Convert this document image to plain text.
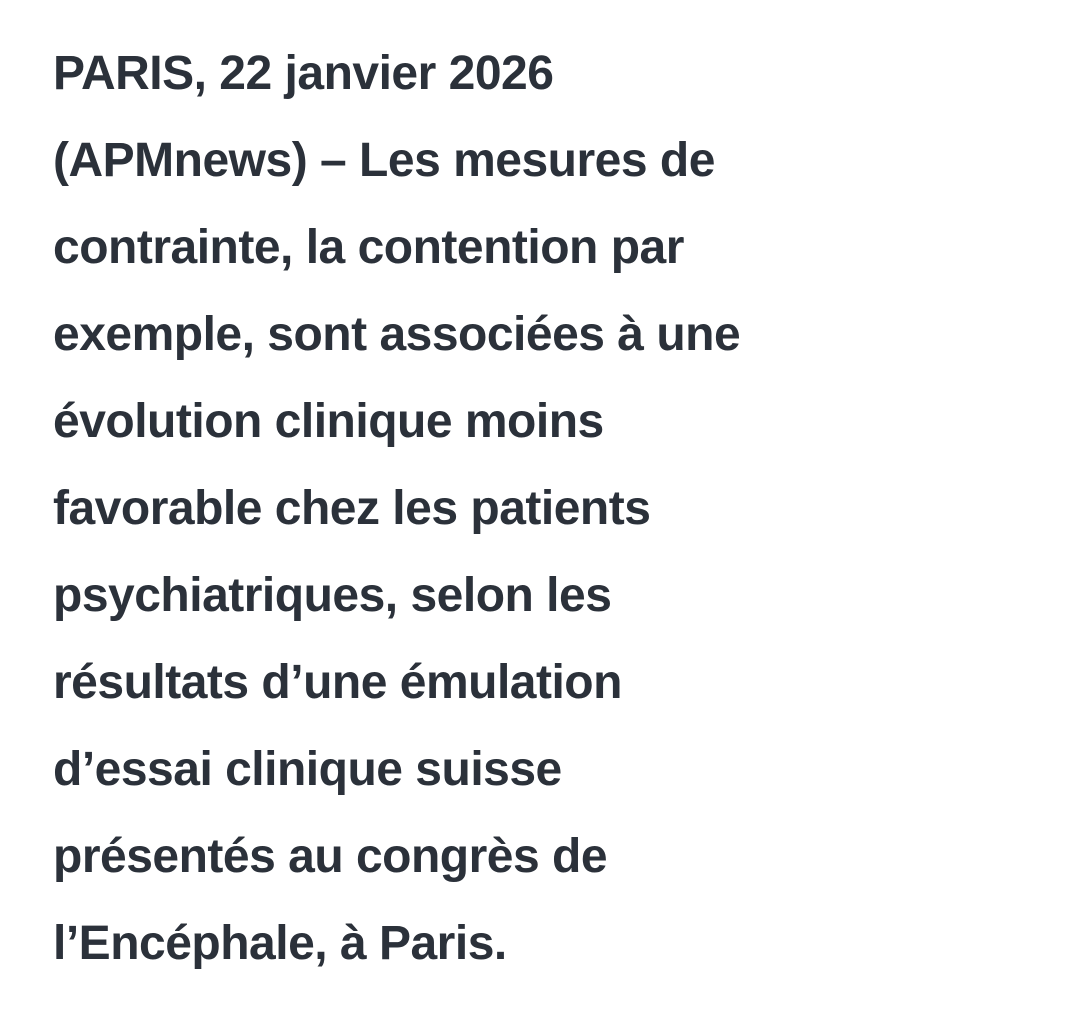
PARIS, 22 janvier 2026
(APMnews) – Les mesures de
contrainte, la contention par
exemple, sont associées à une
évolution clinique moins
favorable chez les patients
psychiatriques, selon les
résultats d’une émulation
d’essai clinique suisse
présentés au congrès de
l’Encéphale, à Paris.
